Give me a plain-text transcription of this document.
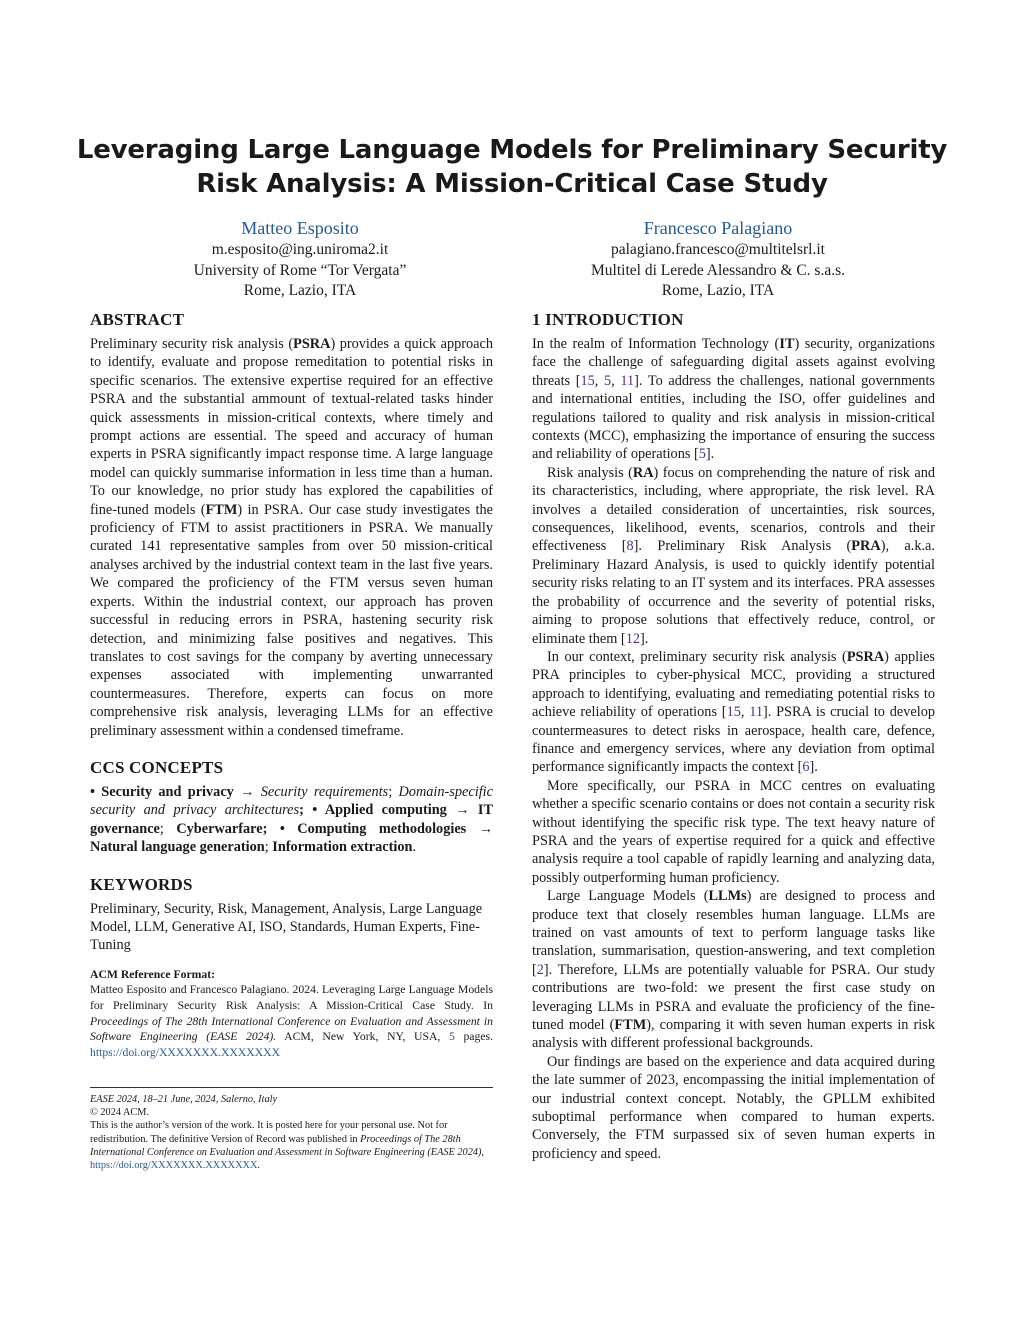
Leveraging Large Language Models for Preliminary Security Risk Analysis: A Mission-Critical Case Study
Matteo Esposito
m.esposito@ing.uniroma2.it
University of Rome “Tor Vergata”
Rome, Lazio, ITA
Francesco Palagiano
palagiano.francesco@multitelsrl.it
Multitel di Lerede Alessandro & C. s.a.s.
Rome, Lazio, ITA
ABSTRACT

Preliminary security risk analysis (PSRA) provides a quick approach to identify, evaluate and propose remeditation to potential risks in specific scenarios. The extensive expertise required for an effective PSRA and the substantial ammount of textual-related tasks hinder quick assessments in mission-critical contexts, where timely and prompt actions are essential. The speed and accuracy of human experts in PSRA significantly impact response time. A large language model can quickly summarise information in less time than a human. To our knowledge, no prior study has explored the capabilities of fine-tuned models (FTM) in PSRA. Our case study investigates the proficiency of FTM to assist practitioners in PSRA. We manually curated 141 representative samples from over 50 mission-critical analyses archived by the industrial context team in the last five years. We compared the proficiency of the FTM versus seven human experts. Within the industrial context, our approach has proven successful in reducing errors in PSRA, hastening security risk detection, and minimizing false positives and negatives. This translates to cost savings for the company by averting unnecessary expenses associated with implementing unwarranted countermeasures. Therefore, experts can focus on more comprehensive risk analysis, leveraging LLMs for an effective preliminary assessment within a condensed timeframe.

CCS CONCEPTS

• Security and privacy → Security requirements; Domain-specific security and privacy architectures; • Applied computing → IT governance; Cyberwarfare; • Computing methodologies → Natural language generation; Information extraction.

KEYWORDS

Preliminary, Security, Risk, Management, Analysis, Large Language Model, LLM, Generative AI, ISO, Standards, Human Experts, Fine-Tuning

ACM Reference Format:

Matteo Esposito and Francesco Palagiano. 2024. Leveraging Large Language Models for Preliminary Security Risk Analysis: A Mission-Critical Case Study. In Proceedings of The 28th International Conference on Evaluation and Assessment in Software Engineering (EASE 2024). ACM, New York, NY, USA, 5 pages. https://doi.org/XXXXXXX.XXXXXXX

EASE 2024, 18–21 June, 2024, Salerno, Italy

© 2024 ACM.

This is the author’s version of the work. It is posted here for your personal use. Not for redistribution. The definitive Version of Record was published in Proceedings of The 28th International Conference on Evaluation and Assessment in Software Engineering (EASE 2024), https://doi.org/XXXXXXX.XXXXXXX.

1 INTRODUCTION

In the realm of Information Technology (IT) security, organizations face the challenge of safeguarding digital assets against evolving threats [15, 5, 11]. To address the challenges, national governments and international entities, including the ISO, offer guidelines and regulations tailored to quality and risk analysis in mission-critical contexts (MCC), emphasizing the importance of ensuring the success and reliability of operations [5].

Risk analysis (RA) focus on comprehending the nature of risk and its characteristics, including, where appropriate, the risk level. RA involves a detailed consideration of uncertainties, risk sources, consequences, likelihood, events, scenarios, controls and their effectiveness [8]. Preliminary Risk Analysis (PRA), a.k.a. Preliminary Hazard Analysis, is used to quickly identify potential security risks relating to an IT system and its interfaces. PRA assesses the probability of occurrence and the severity of potential risks, aiming to propose solutions that effectively reduce, control, or eliminate them [12].

In our context, preliminary security risk analysis (PSRA) applies PRA principles to cyber-physical MCC, providing a structured approach to identifying, evaluating and remediating potential risks to achieve reliability of operations [15, 11]. PSRA is crucial to develop countermeasures to detect risks in aerospace, health care, defence, finance and emergency services, where any deviation from optimal performance significantly impacts the context [6].

More specifically, our PSRA in MCC centres on evaluating whether a specific scenario contains or does not contain a security risk without identifying the specific risk type. The text heavy nature of PSRA and the years of expertise required for a quick and effective analysis require a tool capable of rapidly learning and analyzing data, possibly outperforming human proficiency.

Large Language Models (LLMs) are designed to process and produce text that closely resembles human language. LLMs are trained on vast amounts of text to perform language tasks like translation, summarisation, question-answering, and text completion [2]. Therefore, LLMs are potentially valuable for PSRA. Our study contributions are two-fold: we present the first case study on leveraging LLMs in PSRA and evaluate the proficiency of the fine-tuned model (FTM), comparing it with seven human experts in risk analysis with different professional backgrounds.

Our findings are based on the experience and data acquired during the late summer of 2023, encompassing the initial implementation of our industrial context concept. Notably, the GPLLM exhibited suboptimal performance when compared to human experts. Conversely, the FTM surpassed six of seven human experts in proficiency and speed.
